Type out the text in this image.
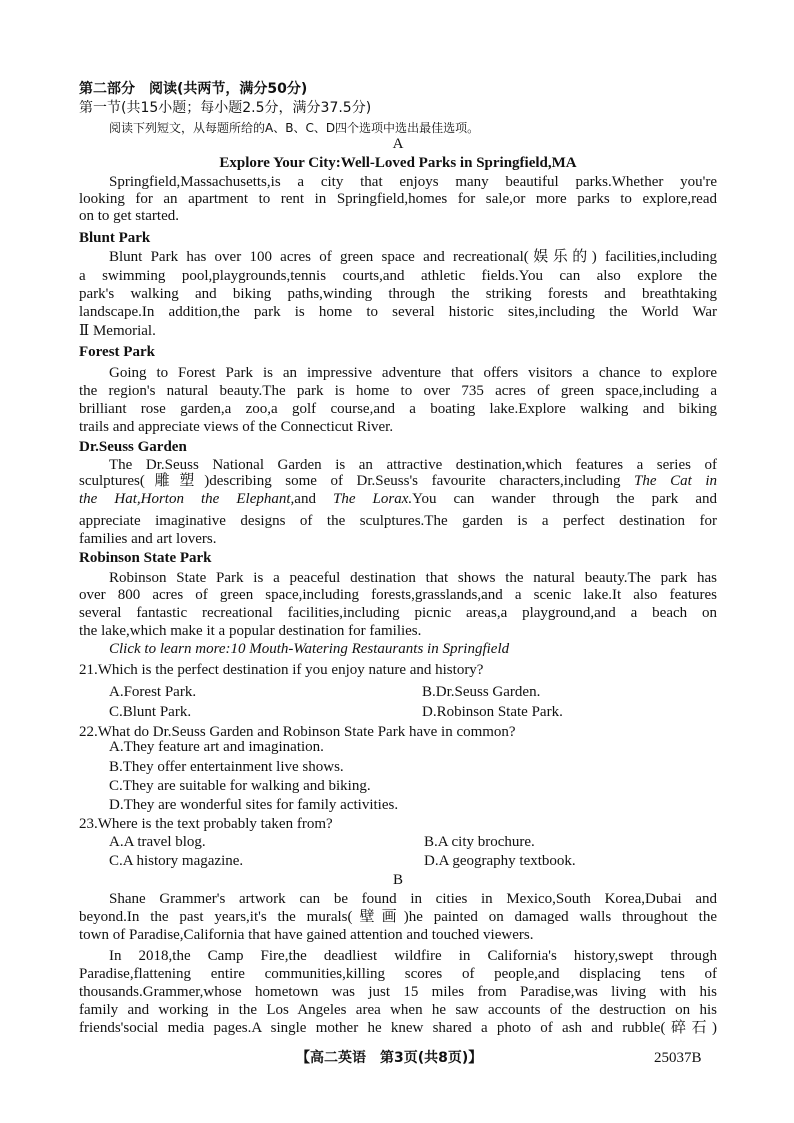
第二部分　阅读(共两节，满分50分)
第一节(共15小题；每小题2.5分，满分37.5分)
阅读下列短文，从每题所给的A、B、C、D四个选项中选出最佳选项。
A
Explore Your City:Well-Loved Parks in Springfield,MA
Springfield,Massachusetts,is a city that enjoys many beautiful parks.Whether you're
looking for an apartment to rent in Springfield,homes for sale,or more parks to explore,read
on to get started.
Blunt Park
Blunt Park has over 100 acres of green space and recreational(娱乐的) facilities,including
a swimming pool,playgrounds,tennis courts,and athletic fields.You can also explore the
park's walking and biking paths,winding through the striking forests and breathtaking
landscape.In addition,the park is home to several historic sites,including the World War
Ⅱ Memorial.
Forest Park
Going to Forest Park is an impressive adventure that offers visitors a chance to explore
the region's natural beauty.The park is home to over 735 acres of green space,including a
brilliant rose garden,a zoo,a golf course,and a boating lake.Explore walking and biking
trails and appreciate views of the Connecticut River.
Dr.Seuss Garden
The Dr.Seuss National Garden is an attractive destination,which features a series of
sculptures(雕塑)describing some of Dr.Seuss's favourite characters,including The Cat in
the Hat,Horton the Elephant,and The Lorax.You can wander through the park and
appreciate imaginative designs of the sculptures.The garden is a perfect destination for
families and art lovers.
Robinson State Park
Robinson State Park is a peaceful destination that shows the natural beauty.The park has
over 800 acres of green space,including forests,grasslands,and a scenic lake.It also features
several fantastic recreational facilities,including picnic areas,a playground,and a beach on
the lake,which make it a popular destination for families.
Click to learn more:10 Mouth-Watering Restaurants in Springfield
21.Which is the perfect destination if you enjoy nature and history?
A.Forest Park.	B.Dr.Seuss Garden.
C.Blunt Park.	D.Robinson State Park.
22.What do Dr.Seuss Garden and Robinson State Park have in common?
A.They feature art and imagination.
B.They offer entertainment live shows.
C.They are suitable for walking and biking.
D.They are wonderful sites for family activities.
23.Where is the text probably taken from?
A.A travel blog.	B.A city brochure.
C.A history magazine.	D.A geography textbook.
B
Shane Grammer's artwork can be found in cities in Mexico,South Korea,Dubai and
beyond.In the past years,it's the murals(壁画)he painted on damaged walls throughout the
town of Paradise,California that have gained attention and touched viewers.
In 2018,the Camp Fire,the deadliest wildfire in California's history,swept through
Paradise,flattening entire communities,killing scores of people,and displacing tens of
thousands.Grammer,whose hometown was just 15 miles from Paradise,was living with his
family and working in the Los Angeles area when he saw accounts of the destruction on his
friends'social media pages.A single mother he knew shared a photo of ash and rubble(碎石)
【高二英语　第3页(共8页)】	25037B
